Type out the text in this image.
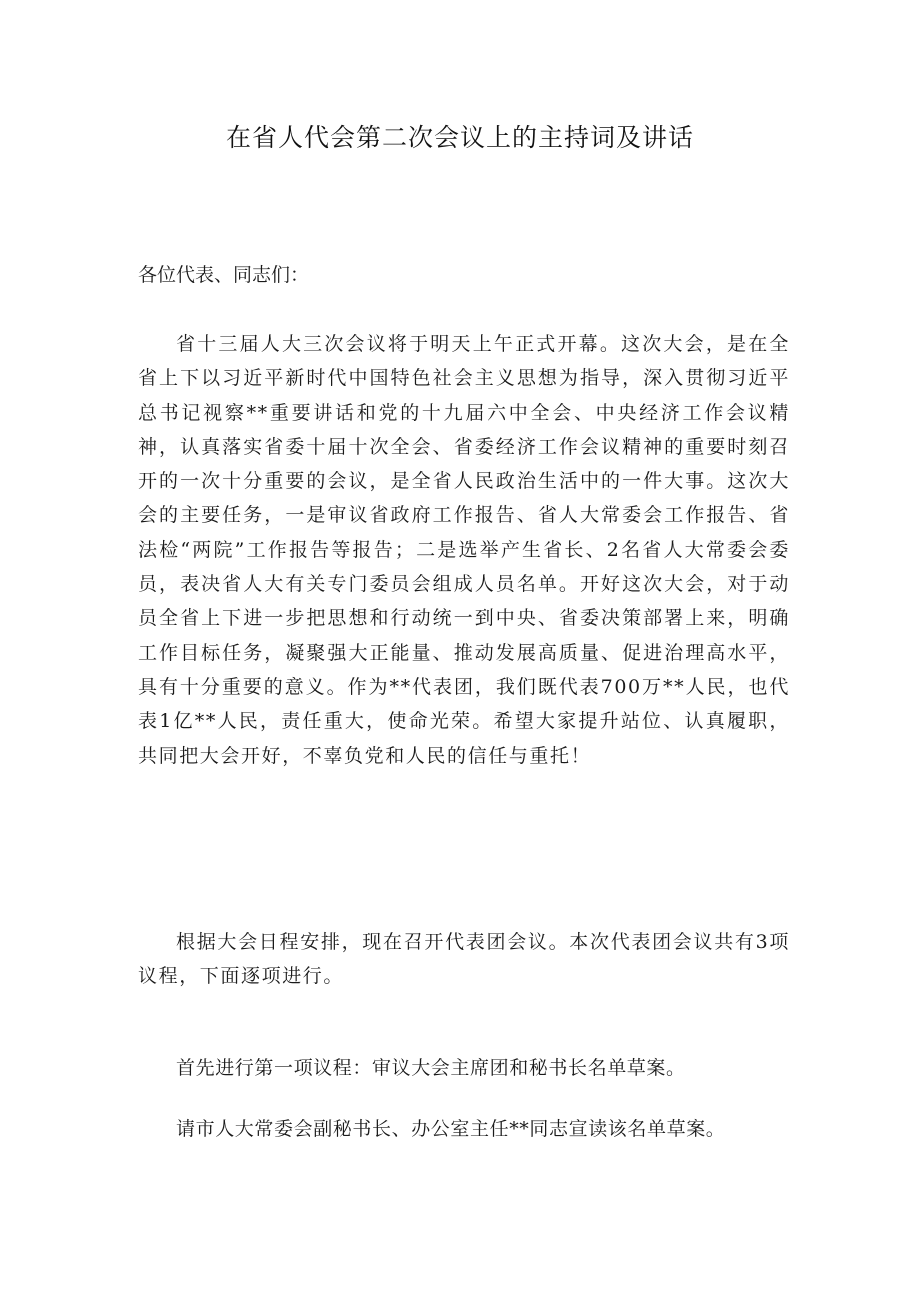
在省人代会第二次会议上的主持词及讲话

各位代表、同志们：

省十三届人大三次会议将于明天上午正式开幕。这次大会，是在全省上下以习近平新时代中国特色社会主义思想为指导，深入贯彻习近平总书记视察**重要讲话和党的十九届六中全会、中央经济工作会议精神，认真落实省委十届十次全会、省委经济工作会议精神的重要时刻召开的一次十分重要的会议，是全省人民政治生活中的一件大事。这次大会的主要任务，一是审议省政府工作报告、省人大常委会工作报告、省法检“两院”工作报告等报告；二是选举产生省长、2名省人大常委会委员，表决省人大有关专门委员会组成人员名单。开好这次大会，对于动员全省上下进一步把思想和行动统一到中央、省委决策部署上来，明确工作目标任务，凝聚强大正能量、推动发展高质量、促进治理高水平，具有十分重要的意义。作为**代表团，我们既代表700万**人民，也代表1亿**人民，责任重大，使命光荣。希望大家提升站位、认真履职，共同把大会开好，不辜负党和人民的信任与重托！

根据大会日程安排，现在召开代表团会议。本次代表团会议共有3项议程，下面逐项进行。

首先进行第一项议程：审议大会主席团和秘书长名单草案。

请市人大常委会副秘书长、办公室主任**同志宣读该名单草案。
